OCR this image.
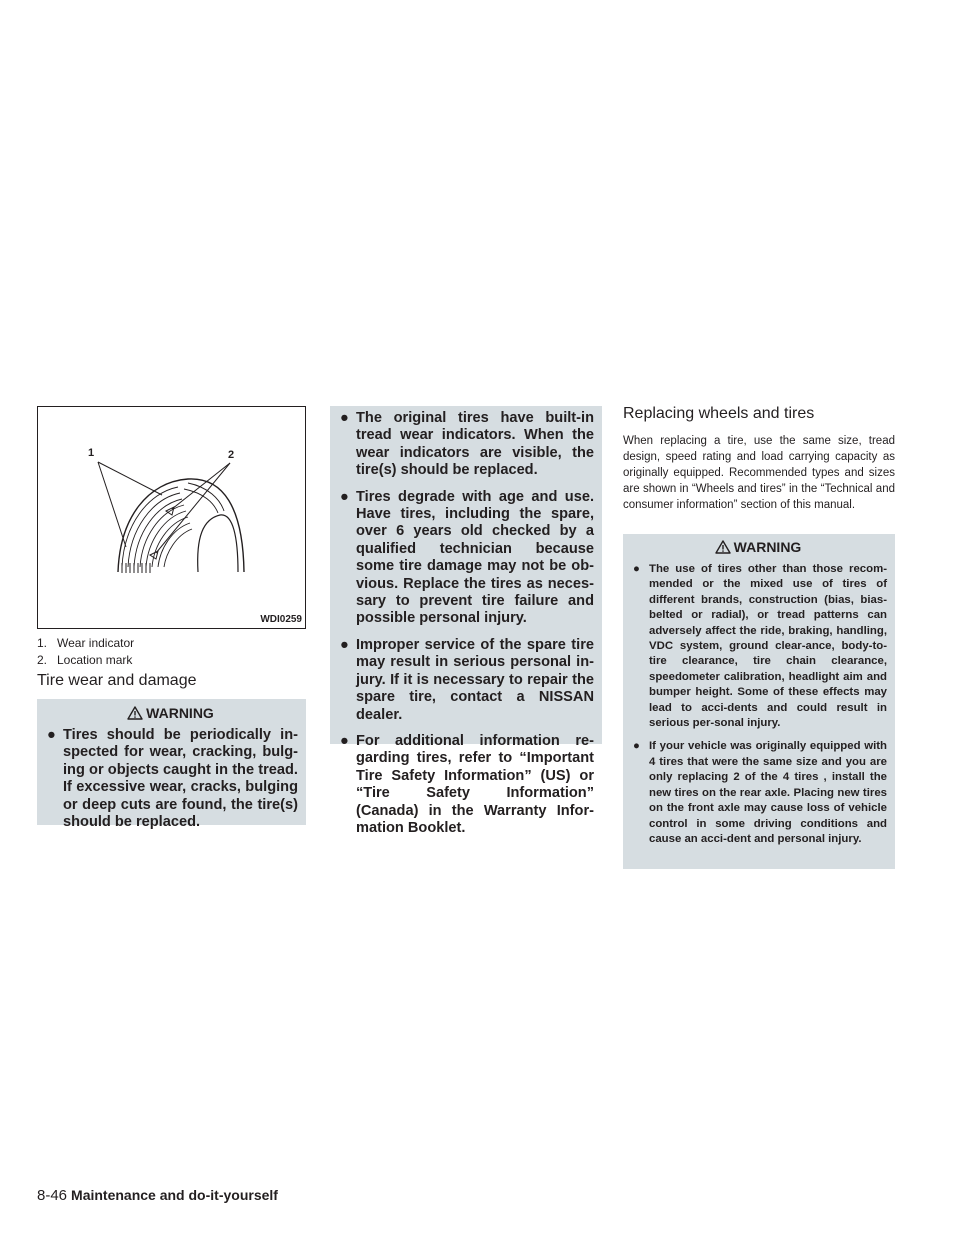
1	2
WDI0259
1. Wear indicator
2. Location mark
Tire wear and damage
WARNING
● Tires should be periodically in-spected for wear, cracking, bulg-ing or objects caught in the tread. If excessive wear, cracks, bulging or deep cuts are found, the tire(s) should be replaced.
● The original tires have built-in tread wear indicators. When the wear indicators are visible, the tire(s) should be replaced.
● Tires degrade with age and use. Have tires, including the spare, over 6 years old checked by a qualified technician because some tire damage may not be ob-vious. Replace the tires as neces-sary to prevent tire failure and possible personal injury.
● Improper service of the spare tire may result in serious personal in-jury. If it is necessary to repair the spare tire, contact a NISSAN dealer.
● For additional information re-garding tires, refer to “Important Tire Safety Information” (US) or “Tire Safety Information” (Canada) in the Warranty Infor-mation Booklet.
Replacing wheels and tires

When replacing a tire, use the same size, tread design, speed rating and load carrying capacity as originally equipped. Recommended types and sizes are shown in “Wheels and tires” in the “Technical and consumer information” section of this manual.

WARNING
● The use of tires other than those recom-mended or the mixed use of tires of different brands, construction (bias, bias-belted or radial), or tread patterns can adversely affect the ride, braking, handling, VDC system, ground clear-ance, body-to-tire clearance, tire chain clearance, speedometer calibration, headlight aim and bumper height. Some of these effects may lead to acci-dents and could result in serious per-sonal injury.
● If your vehicle was originally equipped with 4 tires that were the same size and you are only replacing 2 of the 4 tires , install the new tires on the rear axle. Placing new tires on the front axle may cause loss of vehicle control in some driving conditions and cause an acci-dent and personal injury.
8-46 Maintenance and do-it-yourself
